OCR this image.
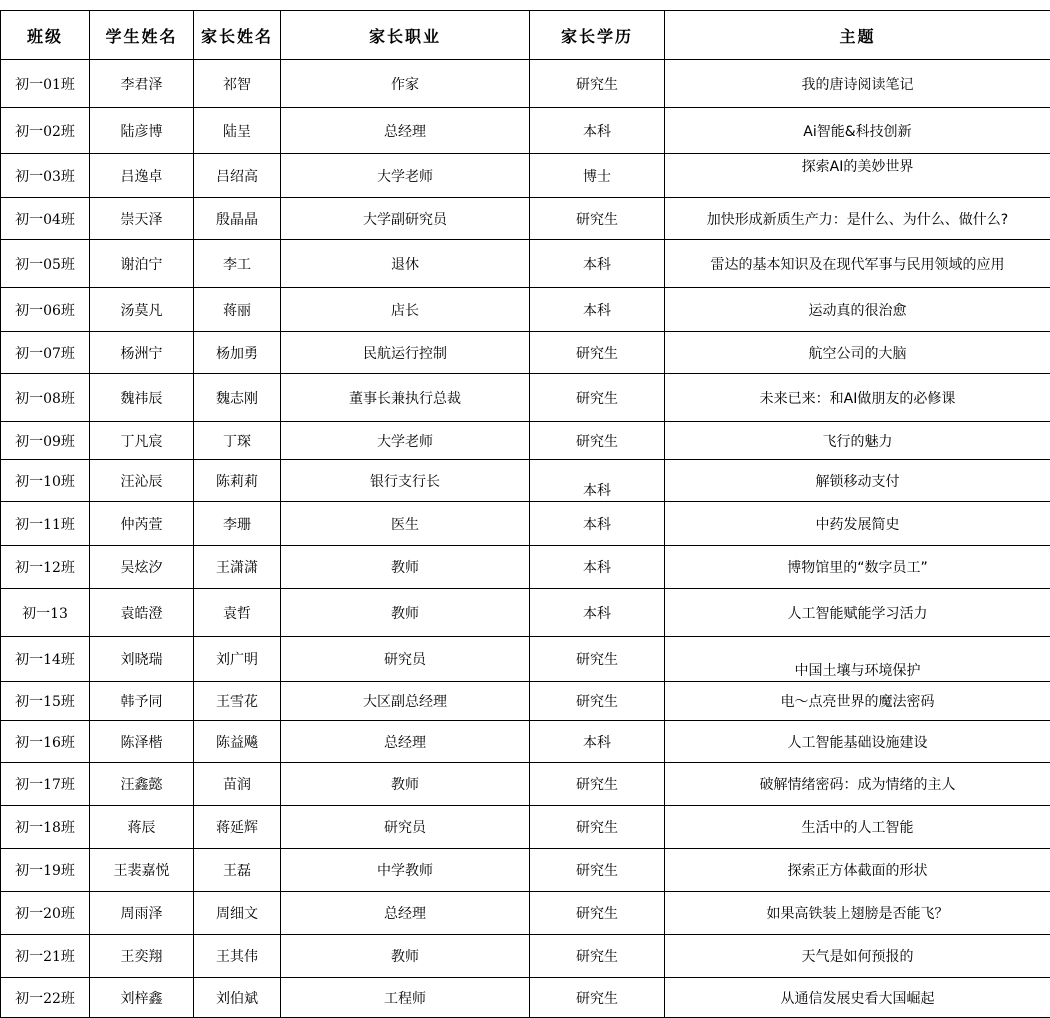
班级	学生姓名	家长姓名	家长职业	家长学历	主题
初一01班	李君泽	祁智	作家	研究生	我的唐诗阅读笔记
初一02班	陆彦博	陆呈	总经理	本科	Ai智能&科技创新
初一03班	吕逸卓	吕绍高	大学老师	博士	探索AI的美妙世界
初一04班	崇天泽	殷晶晶	大学副研究员	研究生	加快形成新质生产力：是什么、为什么、做什么?
初一05班	谢泊宁	李工	退休	本科	雷达的基本知识及在现代军事与民用领域的应用
初一06班	汤莫凡	蒋丽	店长	本科	运动真的很治愈
初一07班	杨洲宁	杨加勇	民航运行控制	研究生	航空公司的大脑
初一08班	魏祎辰	魏志刚	董事长兼执行总裁	研究生	未来已来：和AI做朋友的必修课
初一09班	丁凡宸	丁琛	大学老师	研究生	飞行的魅力
初一10班	汪沁辰	陈莉莉	银行支行长	本科	解锁移动支付
初一11班	仲芮萱	李珊	医生	本科	中药发展简史
初一12班	吴炫汐	王潇潇	教师	本科	博物馆里的“数字员工”
初一13	袁皓澄	袁哲	教师	本科	人工智能赋能学习活力
初一14班	刘晓瑞	刘广明	研究员	研究生	中国土壤与环境保护
初一15班	韩予同	王雪花	大区副总经理	研究生	电～点亮世界的魔法密码
初一16班	陈泽楷	陈益飚	总经理	本科	人工智能基础设施建设
初一17班	汪鑫懿	苗润	教师	研究生	破解情绪密码：成为情绪的主人
初一18班	蒋辰	蒋延辉	研究员	研究生	生活中的人工智能
初一19班	王裴嘉悦	王磊	中学教师	研究生	探索正方体截面的形状
初一20班	周雨泽	周细文	总经理	研究生	如果高铁装上翅膀是否能飞？
初一21班	王奕翔	王其伟	教师	研究生	天气是如何预报的
初一22班	刘梓鑫	刘伯斌	工程师	研究生	从通信发展史看大国崛起
